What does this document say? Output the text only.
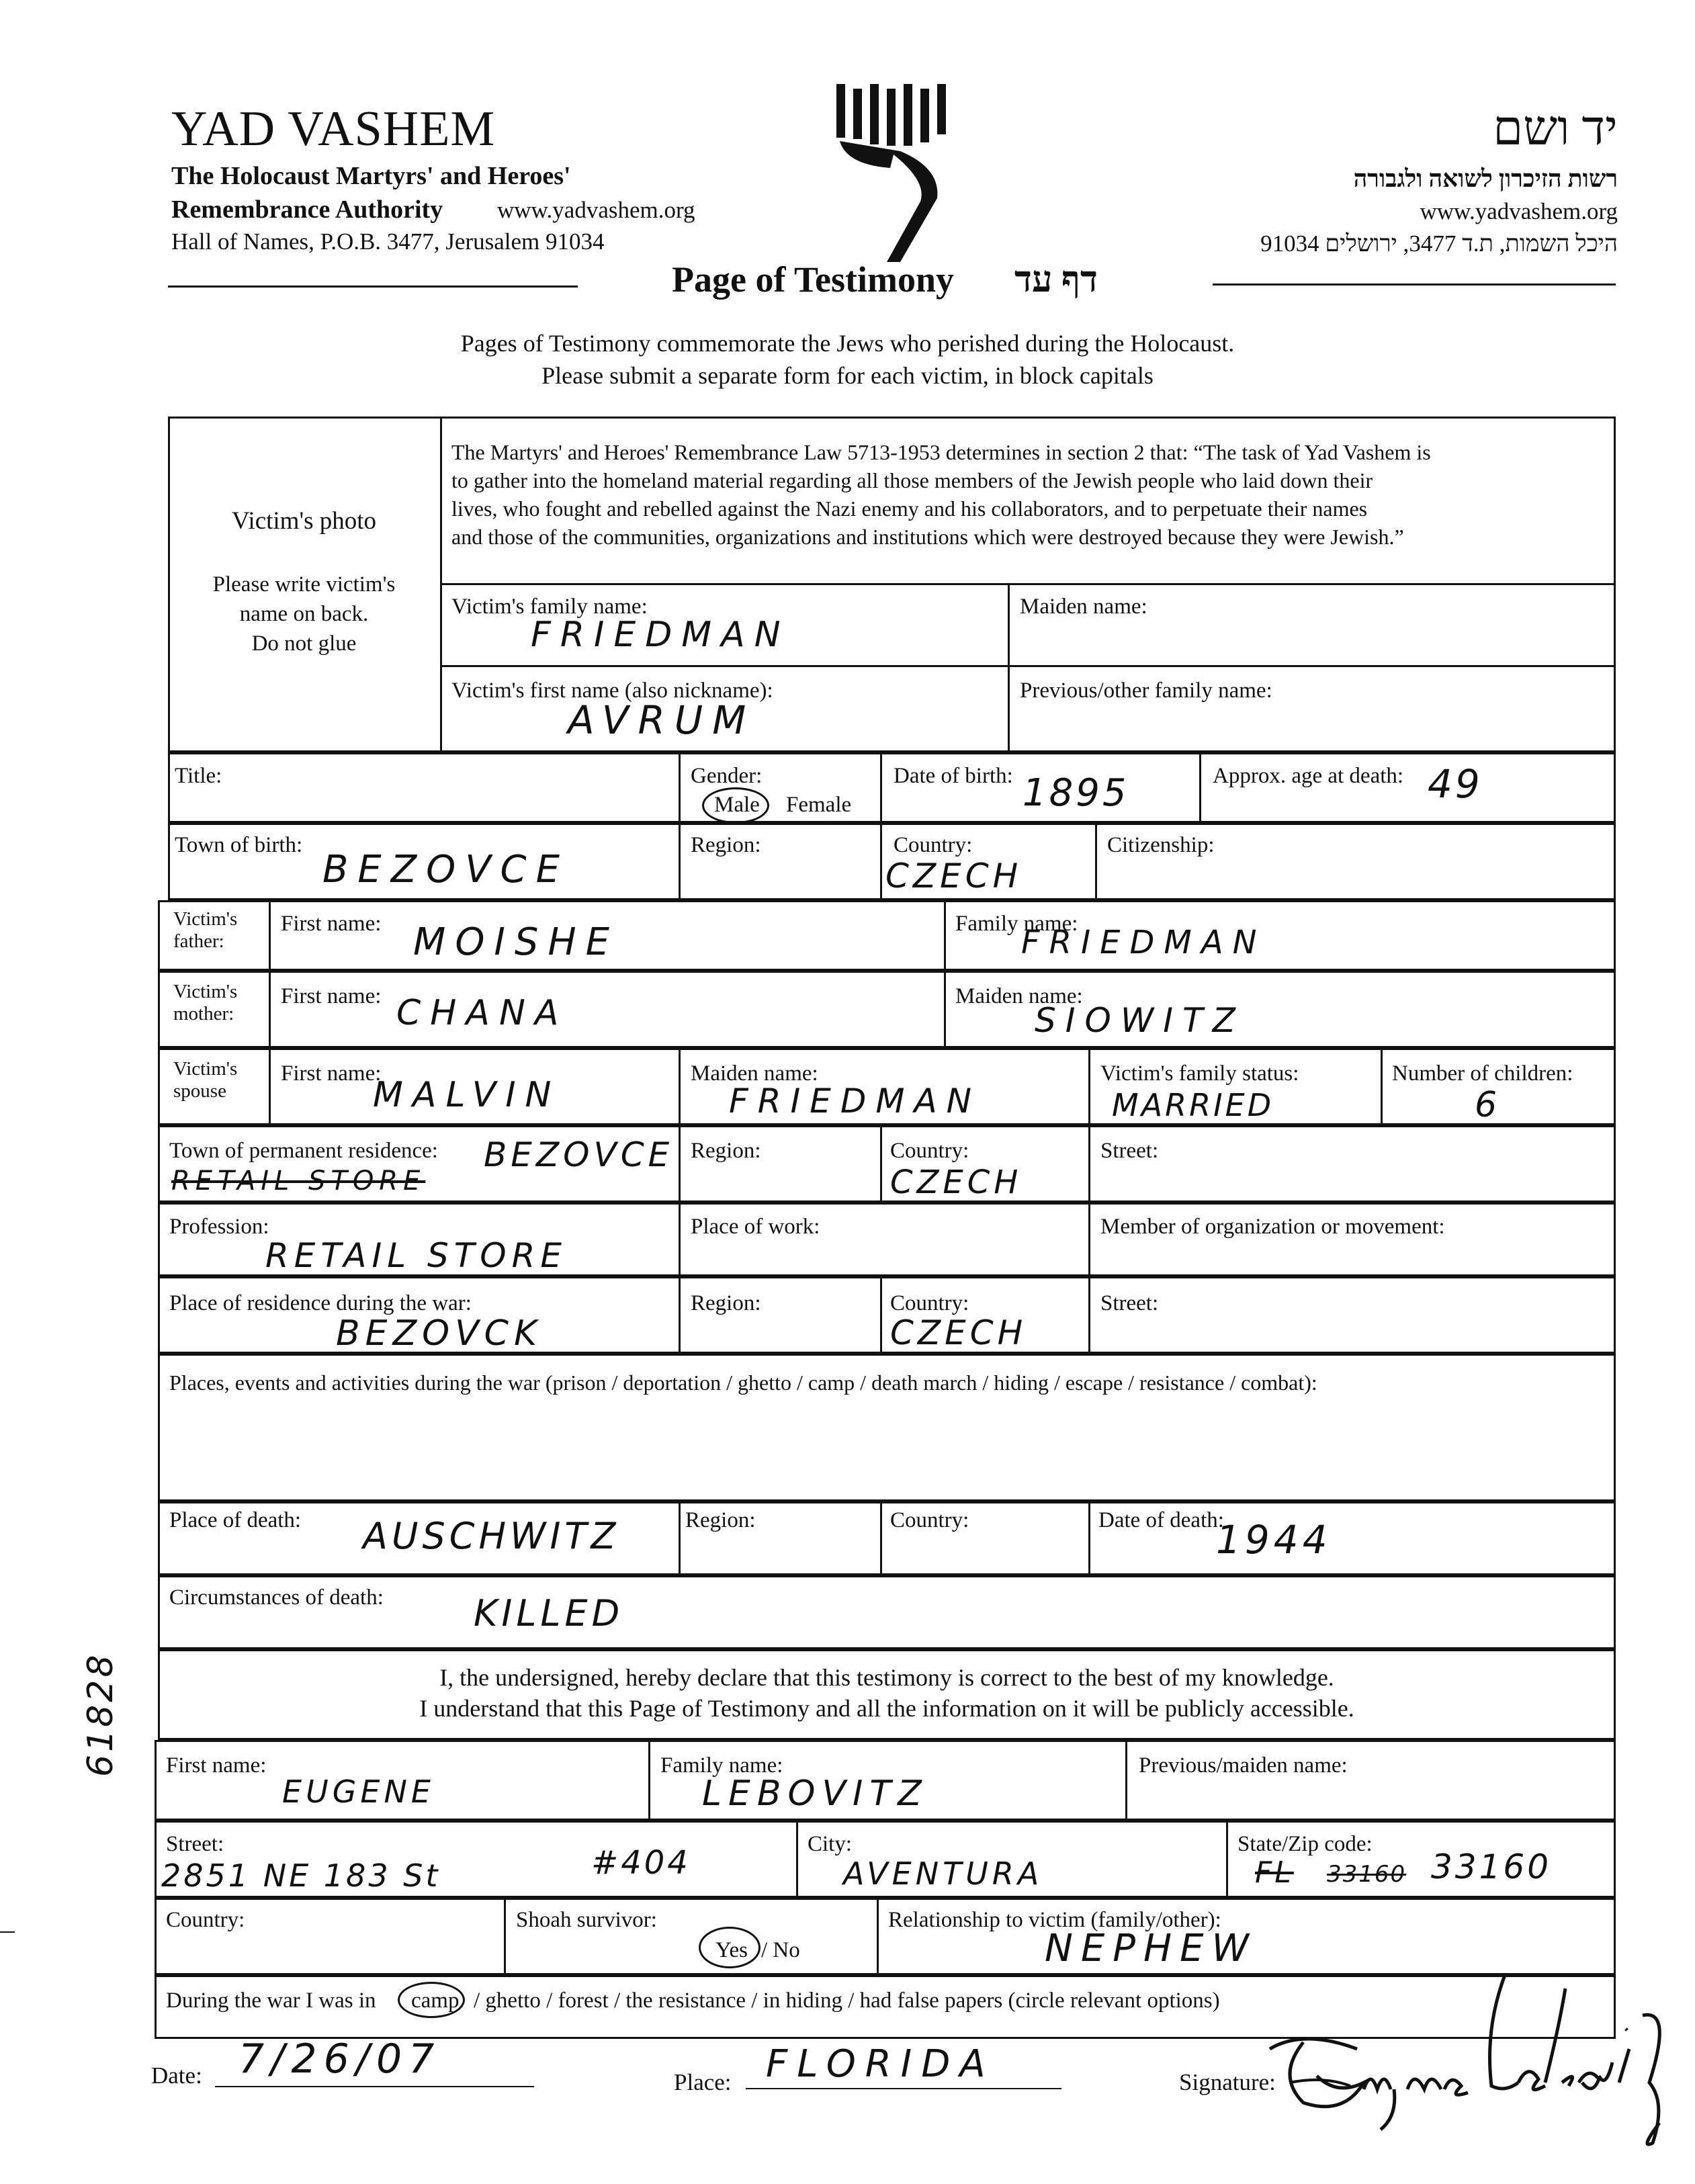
YAD VASHEM
The Holocaust Martyrs' and Heroes'
Remembrance Authority www.yadvashem.org
Hall of Names, P.O.B. 3477, Jerusalem 91034
יד ושם
רשות הזיכרון לשואה ולגבורה
www.yadvashem.org
היכל השמות, ת.ד 3477, ירושלים 91034
Page of Testimony דף עד
Pages of Testimony commemorate the Jews who perished during the Holocaust.
Please submit a separate form for each victim, in block capitals
Victim's photo
Please write victim's
name on back.
Do not glue
The Martyrs' and Heroes' Remembrance Law 5713-1953 determines in section 2 that: “The task of Yad Vashem is
to gather into the homeland material regarding all those members of the Jewish people who laid down their
lives, who fought and rebelled against the Nazi enemy and his collaborators, and to perpetuate their names
and those of the communities, organizations and institutions which were destroyed because they were Jewish.”
Victim's family name:
FRIEDMAN
Maiden name:
Victim's first name (also nickname):
AVRUM
Previous/other family name:
Title:	Gender:
Male Female
Date of birth: 1895	Approx. age at death: 49
Town of birth:
BEZOVCE
Region:	Country:
CZECH
Citizenship:
Victim's father:
First name: MOISHE	Family name:
FRIEDMAN
Victim's mother:
First name: CHANA	Maiden name:
SIOWITZ
Victim's spouse
First name:
MALVIN
Maiden name:
FRIEDMAN
Victim's family status:
MARRIED
Number of children:
6
Town of permanent residence: BEZOVCE
RETAIL STORE
Region:	Country:
CZECH
Street:
Profession:
RETAIL STORE
Place of work:	Member of organization or movement:
Place of residence during the war:
BEZOVCK
Region:	Country:
CZECH
Street:
Places, events and activities during the war (prison / deportation / ghetto / camp / death march / hiding / escape / resistance / combat):
Place of death: AUSCHWITZ	Region:	Country:	Date of death:
1944
Circumstances of death: KILLED
I, the undersigned, hereby declare that this testimony is correct to the best of my knowledge.
I understand that this Page of Testimony and all the information on it will be publicly accessible.
First name:
EUGENE
Family name:
LEBOVITZ
Previous/maiden name:
Street:
2851 NE 183 St	#404	City:
AVENTURA
State/Zip code:
FL 33160 33160
Country:	Shoah survivor:
Yes / No
Relationship to victim (family/other):
NEPHEW
During the war I was in camp / ghetto / forest / the resistance / in hiding / had false papers (circle relevant options)
Date: 7/26/07	Place: FLORIDA	Signature:
61828
